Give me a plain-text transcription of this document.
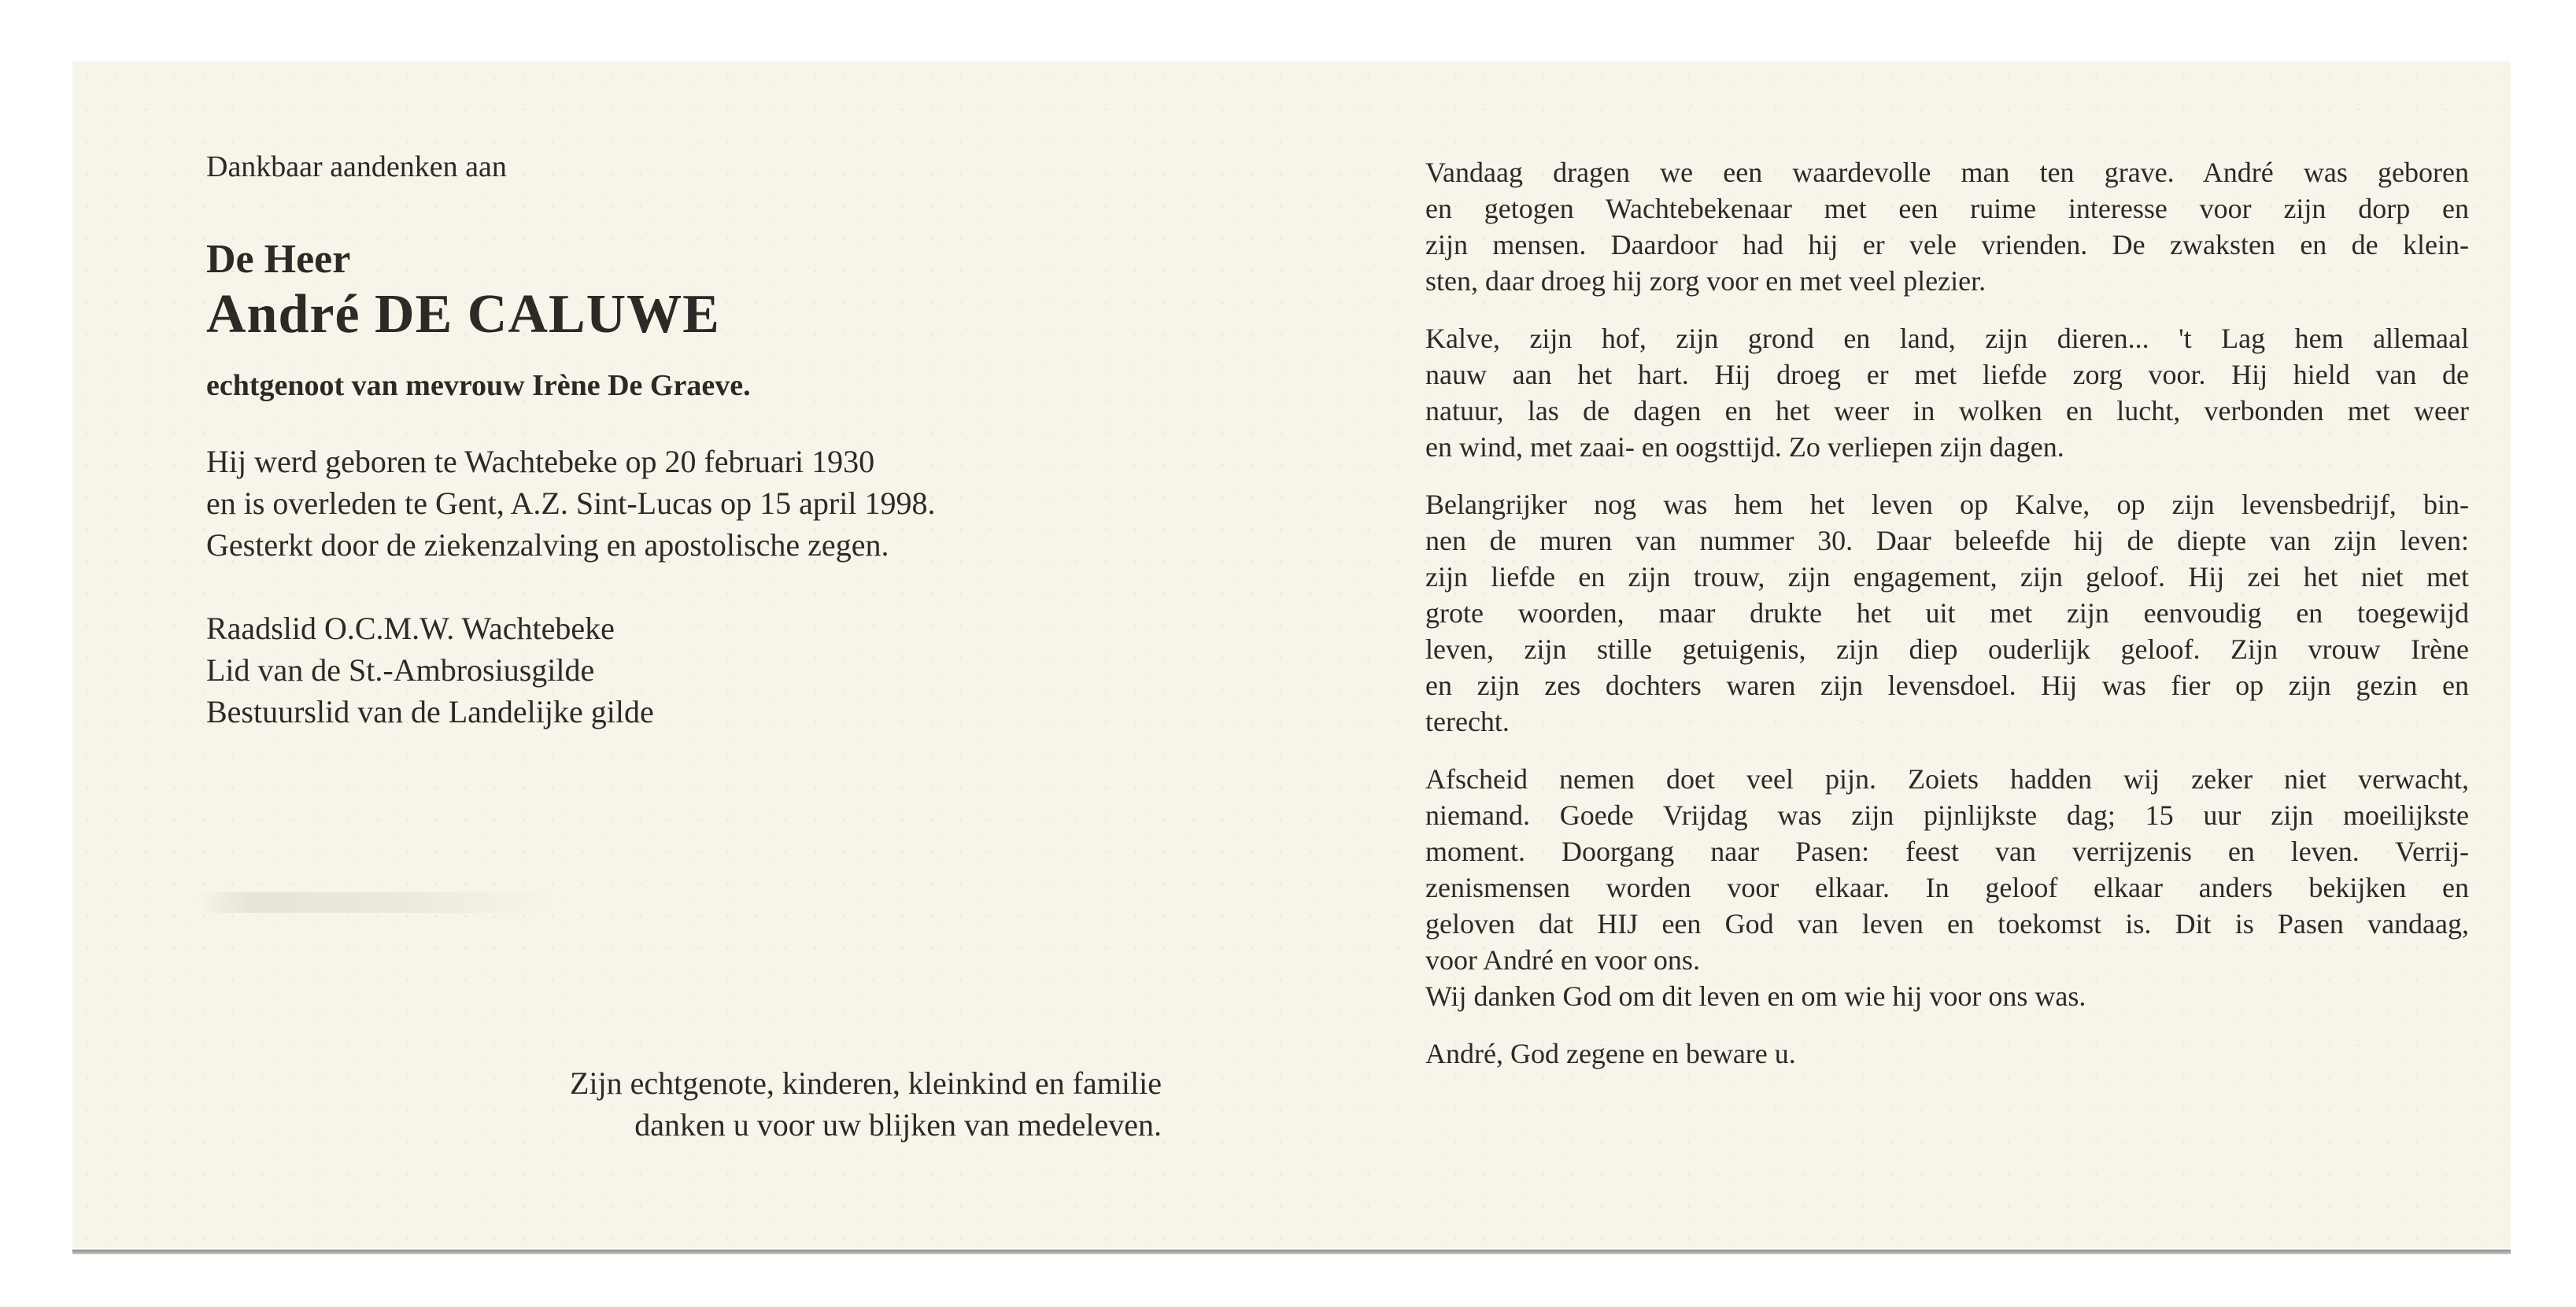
Dankbaar aandenken aan
De Heer
André DE CALUWE
echtgenoot van mevrouw Irène De Graeve.
Hij werd geboren te Wachtebeke op 20 februari 1930
en is overleden te Gent, A.Z. Sint-Lucas op 15 april 1998.
Gesterkt door de ziekenzalving en apostolische zegen.
Raadslid O.C.M.W. Wachtebeke
Lid van de St.-Ambrosiusgilde
Bestuurslid van de Landelijke gilde
Zijn echtgenote, kinderen, kleinkind en familie
danken u voor uw blijken van medeleven.

Vandaag dragen we een waardevolle man ten grave. André was geboren
en getogen Wachtebekenaar met een ruime interesse voor zijn dorp en
zijn mensen. Daardoor had hij er vele vrienden. De zwaksten en de klein-
sten, daar droeg hij zorg voor en met veel plezier.

Kalve, zijn hof, zijn grond en land, zijn dieren... 't Lag hem allemaal
nauw aan het hart. Hij droeg er met liefde zorg voor. Hij hield van de
natuur, las de dagen en het weer in wolken en lucht, verbonden met weer
en wind, met zaai- en oogsttijd. Zo verliepen zijn dagen.

Belangrijker nog was hem het leven op Kalve, op zijn levensbedrijf, bin-
nen de muren van nummer 30. Daar beleefde hij de diepte van zijn leven:
zijn liefde en zijn trouw, zijn engagement, zijn geloof. Hij zei het niet met
grote woorden, maar drukte het uit met zijn eenvoudig en toegewijd
leven, zijn stille getuigenis, zijn diep ouderlijk geloof. Zijn vrouw Irène
en zijn zes dochters waren zijn levensdoel. Hij was fier op zijn gezin en
terecht.

Afscheid nemen doet veel pijn. Zoiets hadden wij zeker niet verwacht,
niemand. Goede Vrijdag was zijn pijnlijkste dag; 15 uur zijn moeilijkste
moment. Doorgang naar Pasen: feest van verrijzenis en leven. Verrij-
zenismensen worden voor elkaar. In geloof elkaar anders bekijken en
geloven dat HIJ een God van leven en toekomst is. Dit is Pasen vandaag,
voor André en voor ons.
Wij danken God om dit leven en om wie hij voor ons was.

André, God zegene en beware u.
